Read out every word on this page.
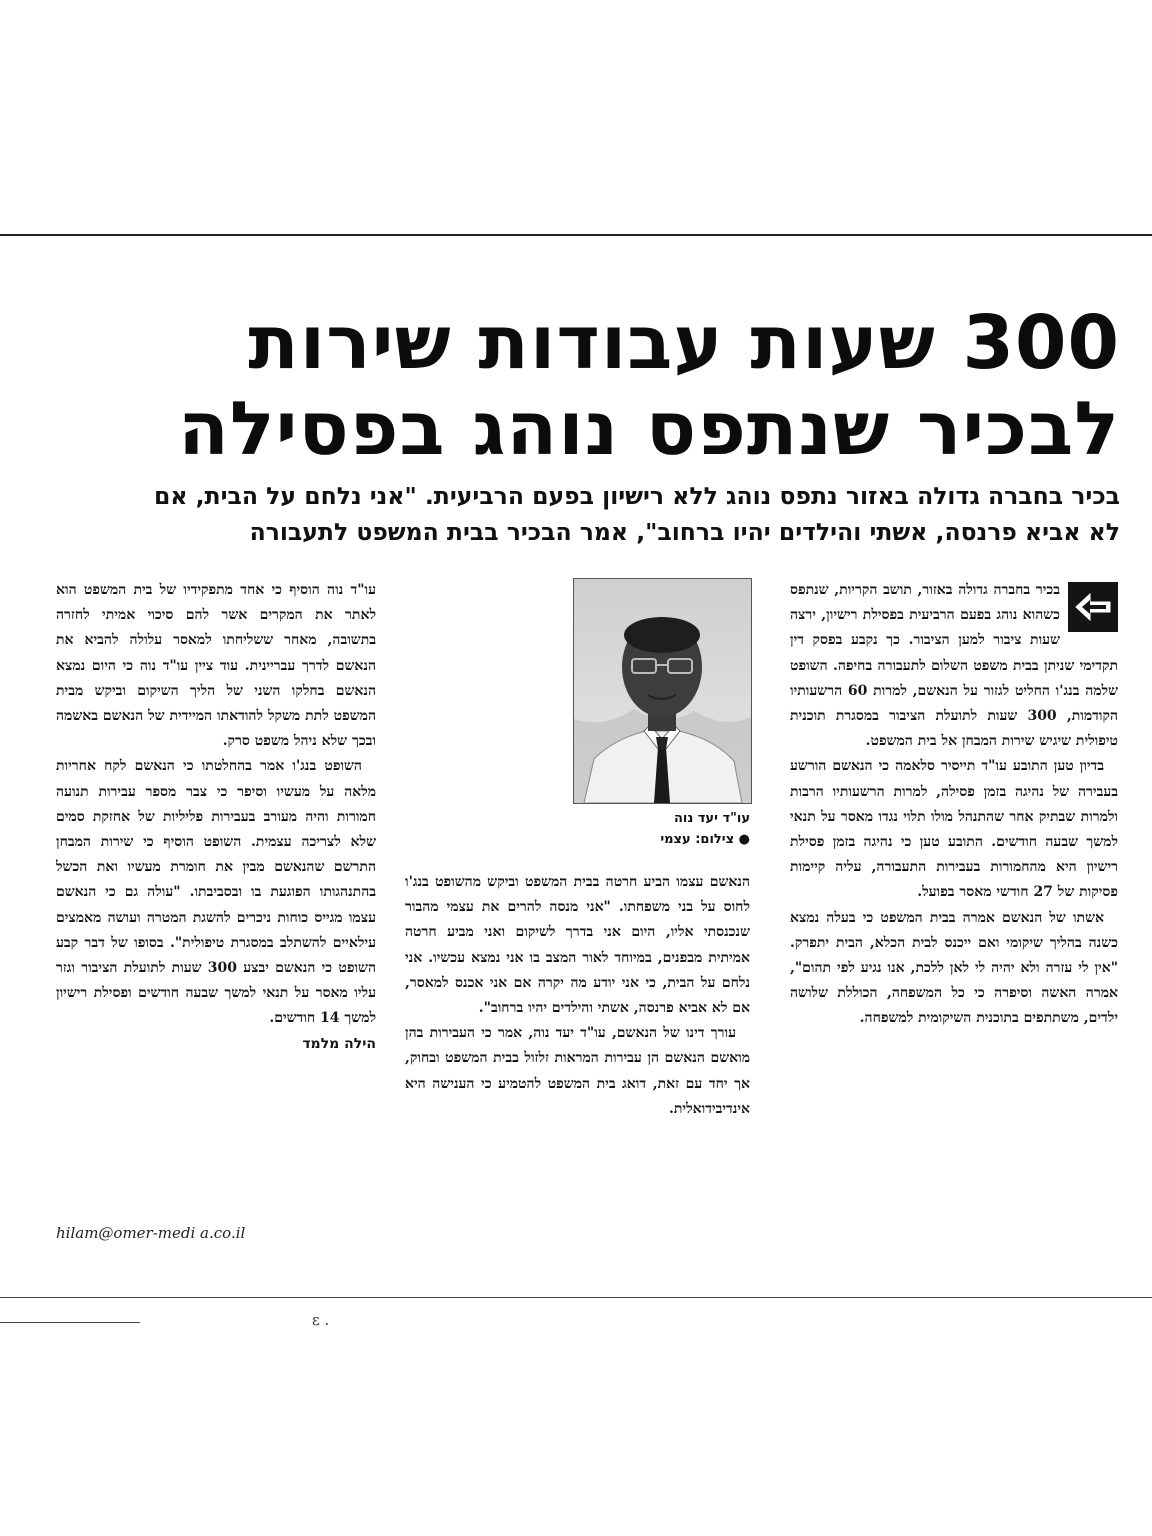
300 שעות עבודות שירות
לבכיר שנתפס נוהג בפסילה
בכיר בחברה גדולה באזור נתפס נוהג ללא רישיון בפעם הרביעית. "אני נלחם על הבית, אם לא אביא פרנסה, אשתי והילדים יהיו ברחוב", אמר הבכיר בבית המשפט לתעבורה

בכיר בחברה גדולה באזור, תושב הקריות, שנתפס כשהוא נוהג בפעם הרביעית בפסילת רישיון, ירצה שעות ציבור למען הציבור. כך נקבע בפסק דין תקדימי שניתן בבית משפט השלום לתעבורה בחיפה. השופט שלמה בנג'ו החליט לגזור על הנאשם, למרות 60 הרשעותיו הקודמות, 300 שעות לתועלת הציבור במסגרת תוכנית טיפולית שיגיש שירות המבחן אל בית המשפט.

בדיון טען התובע עו"ד תייסיר סלאמה כי הנאשם הורשע בעבירה של נהיגה בזמן פסילה, למרות הרשעותיו הרבות ולמרות שבתיק אחר שהתנהל מולו תלוי נגדו מאסר על תנאי למשך שבעה חודשים. התובע טען כי נהיגה בזמן פסילת רישיון היא מהחמורות בעבירות התעבורה, עליה קיימות פסיקות של 27 חודשי מאסר בפועל.

אשתו של הנאשם אמרה בבית המשפט כי בעלה נמצא כשנה בהליך שיקומי ואם ייכנס לבית הכלא, הבית יתפרק. "אין לי עזרה ולא יהיה לי לאן ללכת, אנו נגיע לפי תהום", אמרה האשה וסיפרה כי כל המשפחה, הכוללת שלושה ילדים, משתתפים בתוכנית השיקומית למשפחה.

עו"ד יעד נוה
● צילום: עצמי

הנאשם עצמו הביע חרטה בבית המשפט וביקש מהשופט בנג'ו לחוס על בני משפחתו. "אני מנסה להרים את עצמי מהבור שנכנסתי אליו, היום אני בדרך לשיקום ואני מביע חרטה אמיתית מבפנים, במיוחד לאור המצב בו אני נמצא עכשיו. אני נלחם על הבית, כי אני יודע מה יקרה אם אני אכנס למאסר, אם לא אביא פרנסה, אשתי והילדים יהיו ברחוב".

עורך דינו של הנאשם, עו"ד יעד נוה, אמר כי העבירות בהן מואשם הנאשם הן עבירות המראות זלזול בבית המשפט ובחוק, אך יחד עם זאת, דואג בית המשפט להטמיע כי הענישה היא אינדיבידואלית.

עו"ד נוה הוסיף כי אחד מתפקידיו של בית המשפט הוא לאתר את המקרים אשר להם סיכוי אמיתי לחזרה בתשובה, מאחר ששליחתו למאסר עלולה להביא את הנאשם לדרך עבריינית. עוד ציין עו"ד נוה כי היום נמצא הנאשם בחלקו השני של הליך השיקום וביקש מבית המשפט לתת משקל להודאתו המיידית של הנאשם באשמה ובכך שלא ניהל משפט סרק.

השופט בנג'ו אמר בהחלטתו כי הנאשם לקח אחריות מלאה על מעשיו וסיפר כי צבר מספר עבירות תנועה חמורות והיה מעורב בעבירות פליליות של אחזקת סמים שלא לצריכה עצמית. השופט הוסיף כי שירות המבחן התרשם שהנאשם מבין את חומרת מעשיו ואת הכשל בהתנהגותו הפוגעת בו ובסביבתו. "עולה גם כי הנאשם עצמו מגייס כוחות ניכרים להשגת המטרה ועושה מאמצים עילאיים להשתלב במסגרת טיפולית". בסופו של דבר קבע השופט כי הנאשם יבצע 300 שעות לתועלת הציבור וגזר עליו מאסר על תנאי למשך שבעה חודשים ופסילת רישיון למשך 14 חודשים.

הילה מלמד

hilam@omer-medi a.co.il
ε .
